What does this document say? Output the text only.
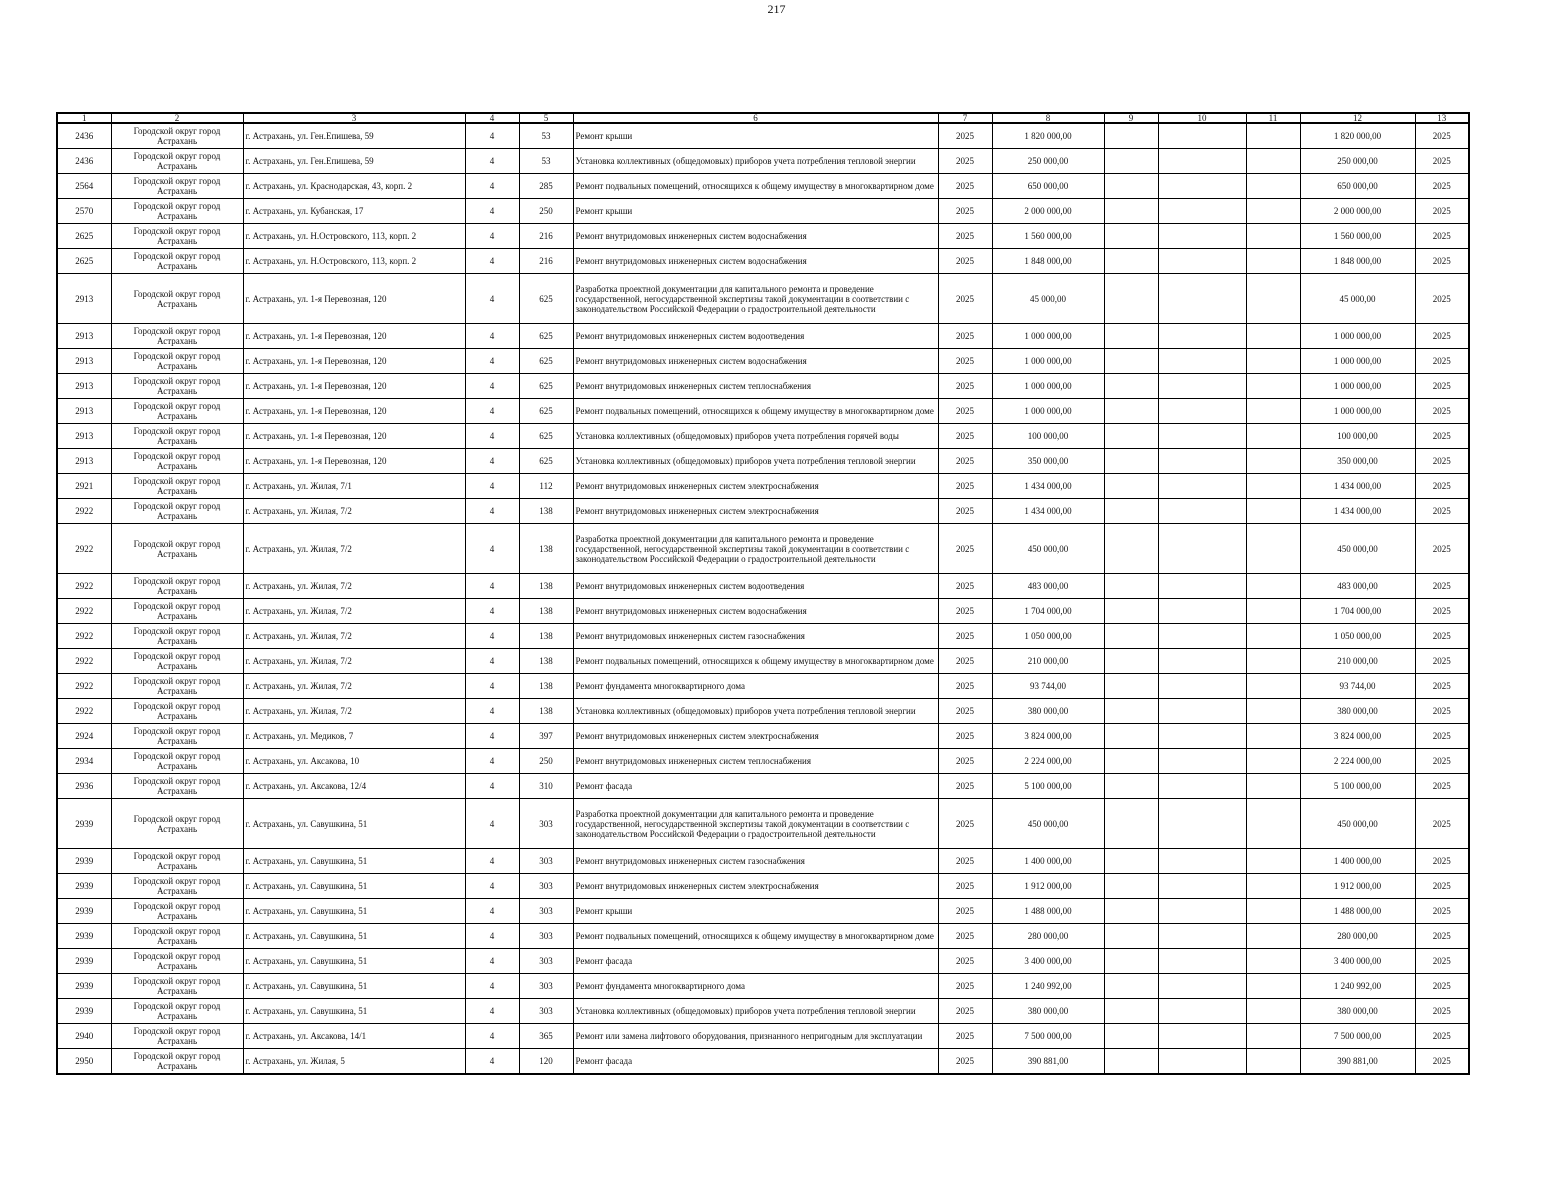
217
1	2	3	4	5	6	7	8	9	10	11	12	13
2436	Городской округ город Астрахань	г. Астрахань, ул. Ген.Епишева, 59	4	53	Ремонт крыши	2025	1 820 000,00				1 820 000,00	2025
2436	Городской округ город Астрахань	г. Астрахань, ул. Ген.Епишева, 59	4	53	Установка коллективных (общедомовых) приборов учета потребления тепловой энергии	2025	250 000,00				250 000,00	2025
2564	Городской округ город Астрахань	г. Астрахань, ул. Краснодарская, 43, корп. 2	4	285	Ремонт подвальных помещений, относящихся к общему имуществу в многоквартирном доме	2025	650 000,00				650 000,00	2025
2570	Городской округ город Астрахань	г. Астрахань, ул. Кубанская, 17	4	250	Ремонт крыши	2025	2 000 000,00				2 000 000,00	2025
2625	Городской округ город Астрахань	г. Астрахань, ул. Н.Островского, 113, корп. 2	4	216	Ремонт внутридомовых инженерных систем водоснабжения	2025	1 560 000,00				1 560 000,00	2025
2625	Городской округ город Астрахань	г. Астрахань, ул. Н.Островского, 113, корп. 2	4	216	Ремонт внутридомовых инженерных систем водоснабжения	2025	1 848 000,00				1 848 000,00	2025
2913	Городской округ город Астрахань	г. Астрахань, ул. 1-я Перевозная, 120	4	625	Разработка проектной документации для капитального ремонта и проведение государственной, негосударственной экспертизы такой документации в соответствии с законодательством Российской Федерации о градостроительной деятельности	2025	45 000,00				45 000,00	2025
2913	Городской округ город Астрахань	г. Астрахань, ул. 1-я Перевозная, 120	4	625	Ремонт внутридомовых инженерных систем водоотведения	2025	1 000 000,00				1 000 000,00	2025
2913	Городской округ город Астрахань	г. Астрахань, ул. 1-я Перевозная, 120	4	625	Ремонт внутридомовых инженерных систем водоснабжения	2025	1 000 000,00				1 000 000,00	2025
2913	Городской округ город Астрахань	г. Астрахань, ул. 1-я Перевозная, 120	4	625	Ремонт внутридомовых инженерных систем теплоснабжения	2025	1 000 000,00				1 000 000,00	2025
2913	Городской округ город Астрахань	г. Астрахань, ул. 1-я Перевозная, 120	4	625	Ремонт подвальных помещений, относящихся к общему имуществу в многоквартирном доме	2025	1 000 000,00				1 000 000,00	2025
2913	Городской округ город Астрахань	г. Астрахань, ул. 1-я Перевозная, 120	4	625	Установка коллективных (общедомовых) приборов учета потребления горячей воды	2025	100 000,00				100 000,00	2025
2913	Городской округ город Астрахань	г. Астрахань, ул. 1-я Перевозная, 120	4	625	Установка коллективных (общедомовых) приборов учета потребления тепловой энергии	2025	350 000,00				350 000,00	2025
2921	Городской округ город Астрахань	г. Астрахань, ул. Жилая, 7/1	4	112	Ремонт внутридомовых инженерных систем электроснабжения	2025	1 434 000,00				1 434 000,00	2025
2922	Городской округ город Астрахань	г. Астрахань, ул. Жилая, 7/2	4	138	Ремонт внутридомовых инженерных систем электроснабжения	2025	1 434 000,00				1 434 000,00	2025
2922	Городской округ город Астрахань	г. Астрахань, ул. Жилая, 7/2	4	138	Разработка проектной документации для капитального ремонта и проведение государственной, негосударственной экспертизы такой документации в соответствии с законодательством Российской Федерации о градостроительной деятельности	2025	450 000,00				450 000,00	2025
2922	Городской округ город Астрахань	г. Астрахань, ул. Жилая, 7/2	4	138	Ремонт внутридомовых инженерных систем водоотведения	2025	483 000,00				483 000,00	2025
2922	Городской округ город Астрахань	г. Астрахань, ул. Жилая, 7/2	4	138	Ремонт внутридомовых инженерных систем водоснабжения	2025	1 704 000,00				1 704 000,00	2025
2922	Городской округ город Астрахань	г. Астрахань, ул. Жилая, 7/2	4	138	Ремонт внутридомовых инженерных систем газоснабжения	2025	1 050 000,00				1 050 000,00	2025
2922	Городской округ город Астрахань	г. Астрахань, ул. Жилая, 7/2	4	138	Ремонт подвальных помещений, относящихся к общему имуществу в многоквартирном доме	2025	210 000,00				210 000,00	2025
2922	Городской округ город Астрахань	г. Астрахань, ул. Жилая, 7/2	4	138	Ремонт фундамента многоквартирного дома	2025	93 744,00				93 744,00	2025
2922	Городской округ город Астрахань	г. Астрахань, ул. Жилая, 7/2	4	138	Установка коллективных (общедомовых) приборов учета потребления тепловой энергии	2025	380 000,00				380 000,00	2025
2924	Городской округ город Астрахань	г. Астрахань, ул. Медиков, 7	4	397	Ремонт внутридомовых инженерных систем электроснабжения	2025	3 824 000,00				3 824 000,00	2025
2934	Городской округ город Астрахань	г. Астрахань, ул. Аксакова, 10	4	250	Ремонт внутридомовых инженерных систем теплоснабжения	2025	2 224 000,00				2 224 000,00	2025
2936	Городской округ город Астрахань	г. Астрахань, ул. Аксакова, 12/4	4	310	Ремонт фасада	2025	5 100 000,00				5 100 000,00	2025
2939	Городской округ город Астрахань	г. Астрахань, ул. Савушкина, 51	4	303	Разработка проектной документации для капитального ремонта и проведение государственной, негосударственной экспертизы такой документации в соответствии с законодательством Российской Федерации о градостроительной деятельности	2025	450 000,00				450 000,00	2025
2939	Городской округ город Астрахань	г. Астрахань, ул. Савушкина, 51	4	303	Ремонт внутридомовых инженерных систем газоснабжения	2025	1 400 000,00				1 400 000,00	2025
2939	Городской округ город Астрахань	г. Астрахань, ул. Савушкина, 51	4	303	Ремонт внутридомовых инженерных систем электроснабжения	2025	1 912 000,00				1 912 000,00	2025
2939	Городской округ город Астрахань	г. Астрахань, ул. Савушкина, 51	4	303	Ремонт крыши	2025	1 488 000,00				1 488 000,00	2025
2939	Городской округ город Астрахань	г. Астрахань, ул. Савушкина, 51	4	303	Ремонт подвальных помещений, относящихся к общему имуществу в многоквартирном доме	2025	280 000,00				280 000,00	2025
2939	Городской округ город Астрахань	г. Астрахань, ул. Савушкина, 51	4	303	Ремонт фасада	2025	3 400 000,00				3 400 000,00	2025
2939	Городской округ город Астрахань	г. Астрахань, ул. Савушкина, 51	4	303	Ремонт фундамента многоквартирного дома	2025	1 240 992,00				1 240 992,00	2025
2939	Городской округ город Астрахань	г. Астрахань, ул. Савушкина, 51	4	303	Установка коллективных (общедомовых) приборов учета потребления тепловой энергии	2025	380 000,00				380 000,00	2025
2940	Городской округ город Астрахань	г. Астрахань, ул. Аксакова, 14/1	4	365	Ремонт или замена лифтового оборудования, признанного непригодным для эксплуатации	2025	7 500 000,00				7 500 000,00	2025
2950	Городской округ город Астрахань	г. Астрахань, ул. Жилая, 5	4	120	Ремонт фасада	2025	390 881,00				390 881,00	2025
